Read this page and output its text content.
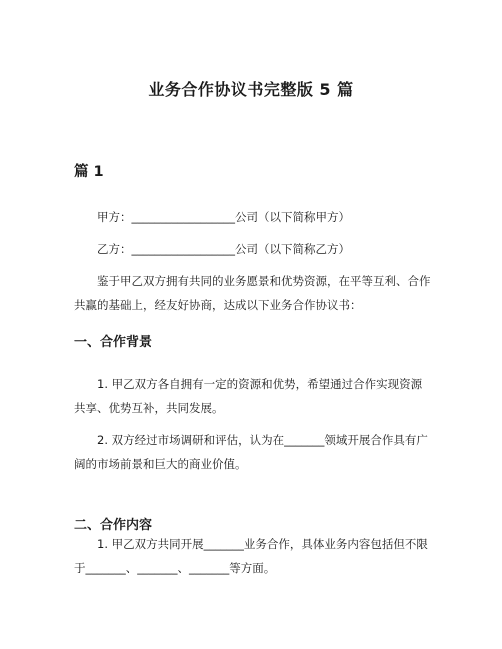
业务合作协议书完整版 5 篇
篇 1
甲方：__________________公司（以下简称甲方）
乙方：__________________公司（以下简称乙方）

鉴于甲乙双方拥有共同的业务愿景和优势资源，在平等互利、合作共赢的基础上，经友好协商，达成以下业务合作协议书：

一、合作背景

1. 甲乙双方各自拥有一定的资源和优势，希望通过合作实现资源共享、优势互补，共同发展。

2. 双方经过市场调研和评估，认为在_______领域开展合作具有广阔的市场前景和巨大的商业价值。

二、合作内容

1. 甲乙双方共同开展_______业务合作，具体业务内容包括但不限于_______、_______、_______等方面。
